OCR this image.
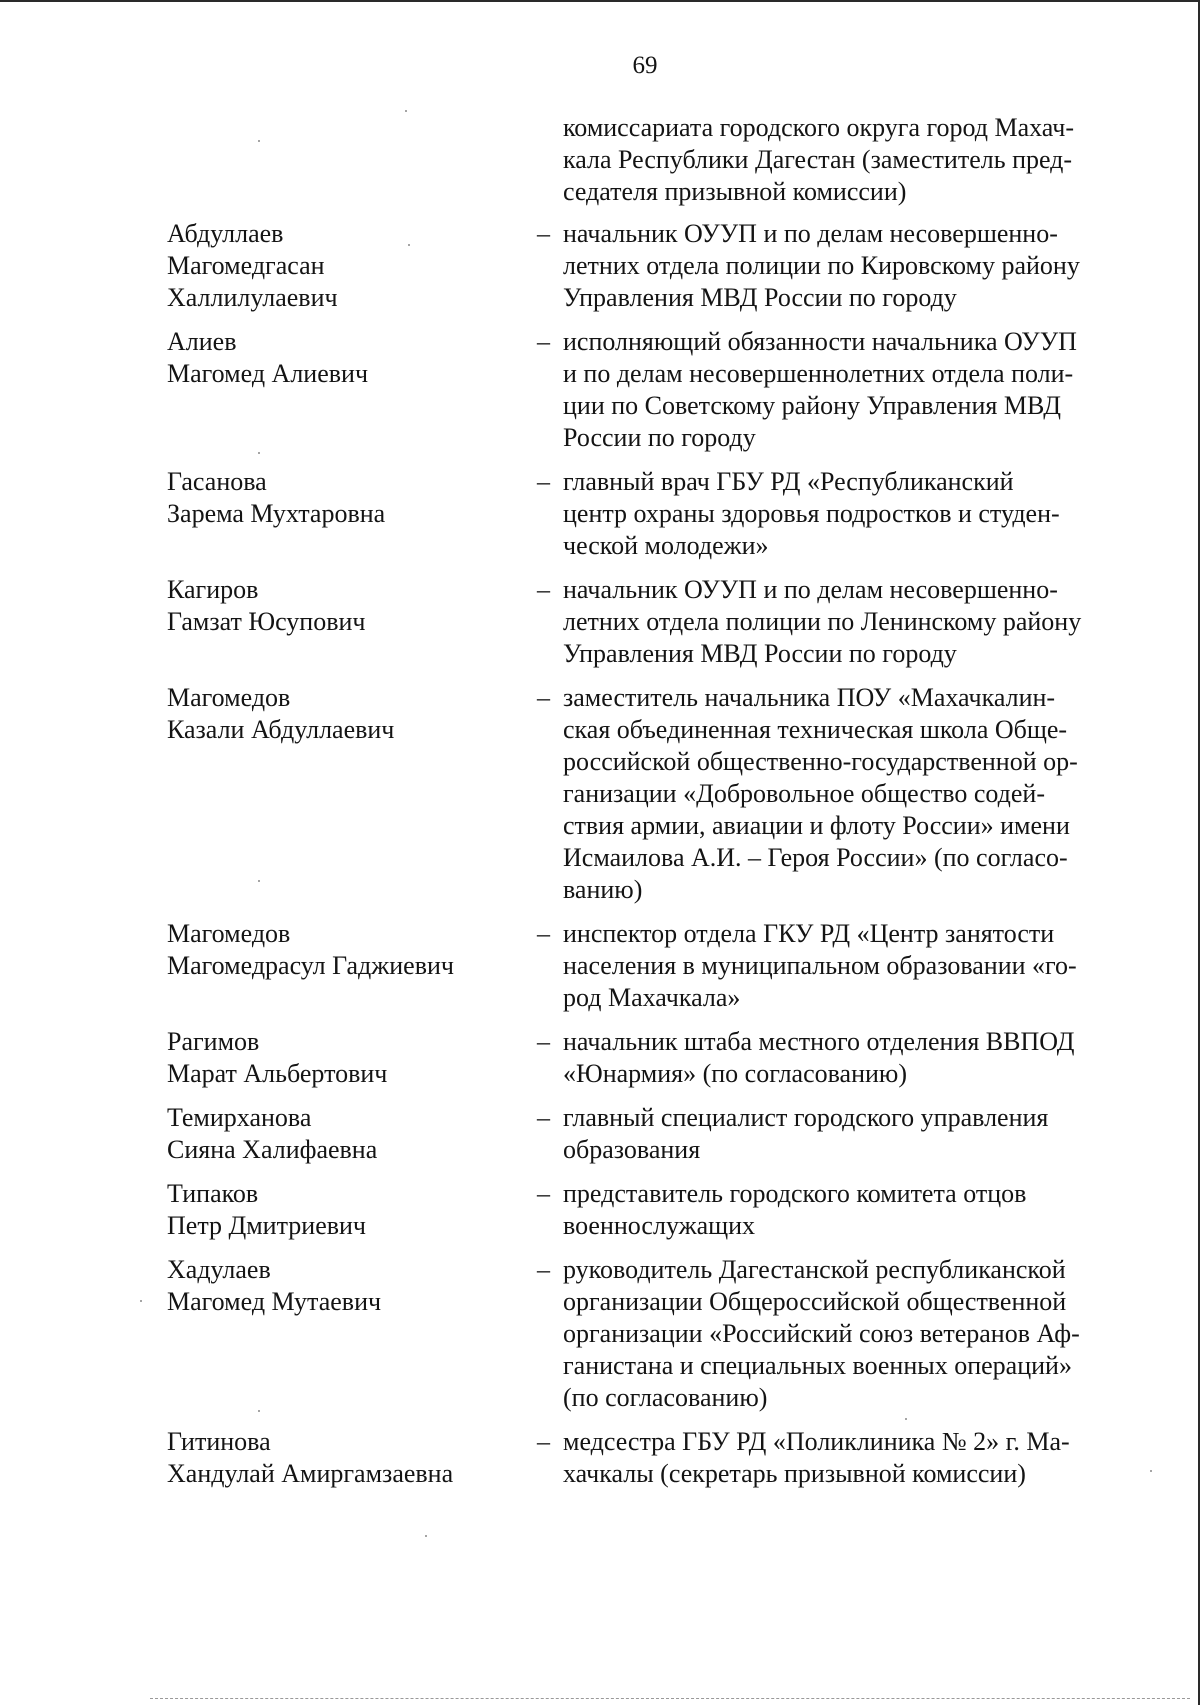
69
комиссариата городского округа город Махач-
кала Республики Дагестан (заместитель пред-
седателя призывной комиссии)
Абдуллаев
Магомедгасан
Халлилулаевич
– начальник ОУУП и по делам несовершенно-
летних отдела полиции по Кировскому району
Управления МВД России по городу
Алиев
Магомед Алиевич
– исполняющий обязанности начальника ОУУП
и по делам несовершеннолетних отдела поли-
ции по Советскому району Управления МВД
России по городу
Гасанова
Зарема Мухтаровна
– главный врач ГБУ РД «Республиканский
центр охраны здоровья подростков и студен-
ческой молодежи»
Кагиров
Гамзат Юсупович
– начальник ОУУП и по делам несовершенно-
летних отдела полиции по Ленинскому району
Управления МВД России по городу
Магомедов
Казали Абдуллаевич
– заместитель начальника ПОУ «Махачкалин-
ская объединенная техническая школа Обще-
российской общественно-государственной ор-
ганизации «Добровольное общество содей-
ствия армии, авиации и флоту России» имени
Исмаилова А.И. – Героя России» (по согласо-
ванию)
Магомедов
Магомедрасул Гаджиевич
– инспектор отдела ГКУ РД «Центр занятости
населения в муниципальном образовании «го-
род Махачкала»
Рагимов
Марат Альбертович
– начальник штаба местного отделения ВВПОД
«Юнармия» (по согласованию)
Темирханова
Сияна Халифаевна
– главный специалист городского управления
образования
Типаков
Петр Дмитриевич
– представитель городского комитета отцов
военнослужащих
Хадулаев
Магомед Мутаевич
– руководитель Дагестанской республиканской
организации Общероссийской общественной
организации «Российский союз ветеранов Аф-
ганистана и специальных военных операций»
(по согласованию)
Гитинова
Хандулай Амиргамзаевна
– медсестра ГБУ РД «Поликлиника № 2» г. Ма-
хачкалы (секретарь призывной комиссии)
